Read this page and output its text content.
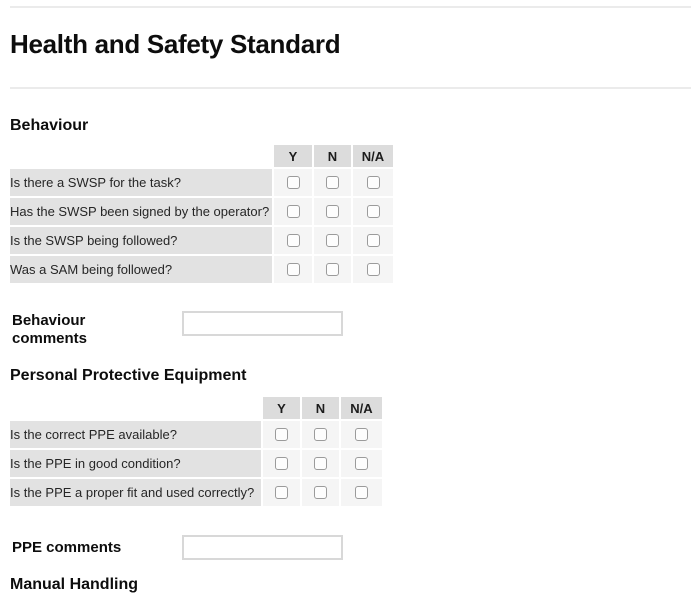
Health and Safety Standard
Behaviour
	Y	N	N/A
Is there a SWSP for the task?			
Has the SWSP been signed by the operator?			
Is the SWSP being followed?			
Was a SAM being followed?			
Behaviour comments
Personal Protective Equipment
	Y	N	N/A
Is the correct PPE available?			
Is the PPE in good condition?			
Is the PPE a proper fit and used correctly?			
PPE comments
Manual Handling
